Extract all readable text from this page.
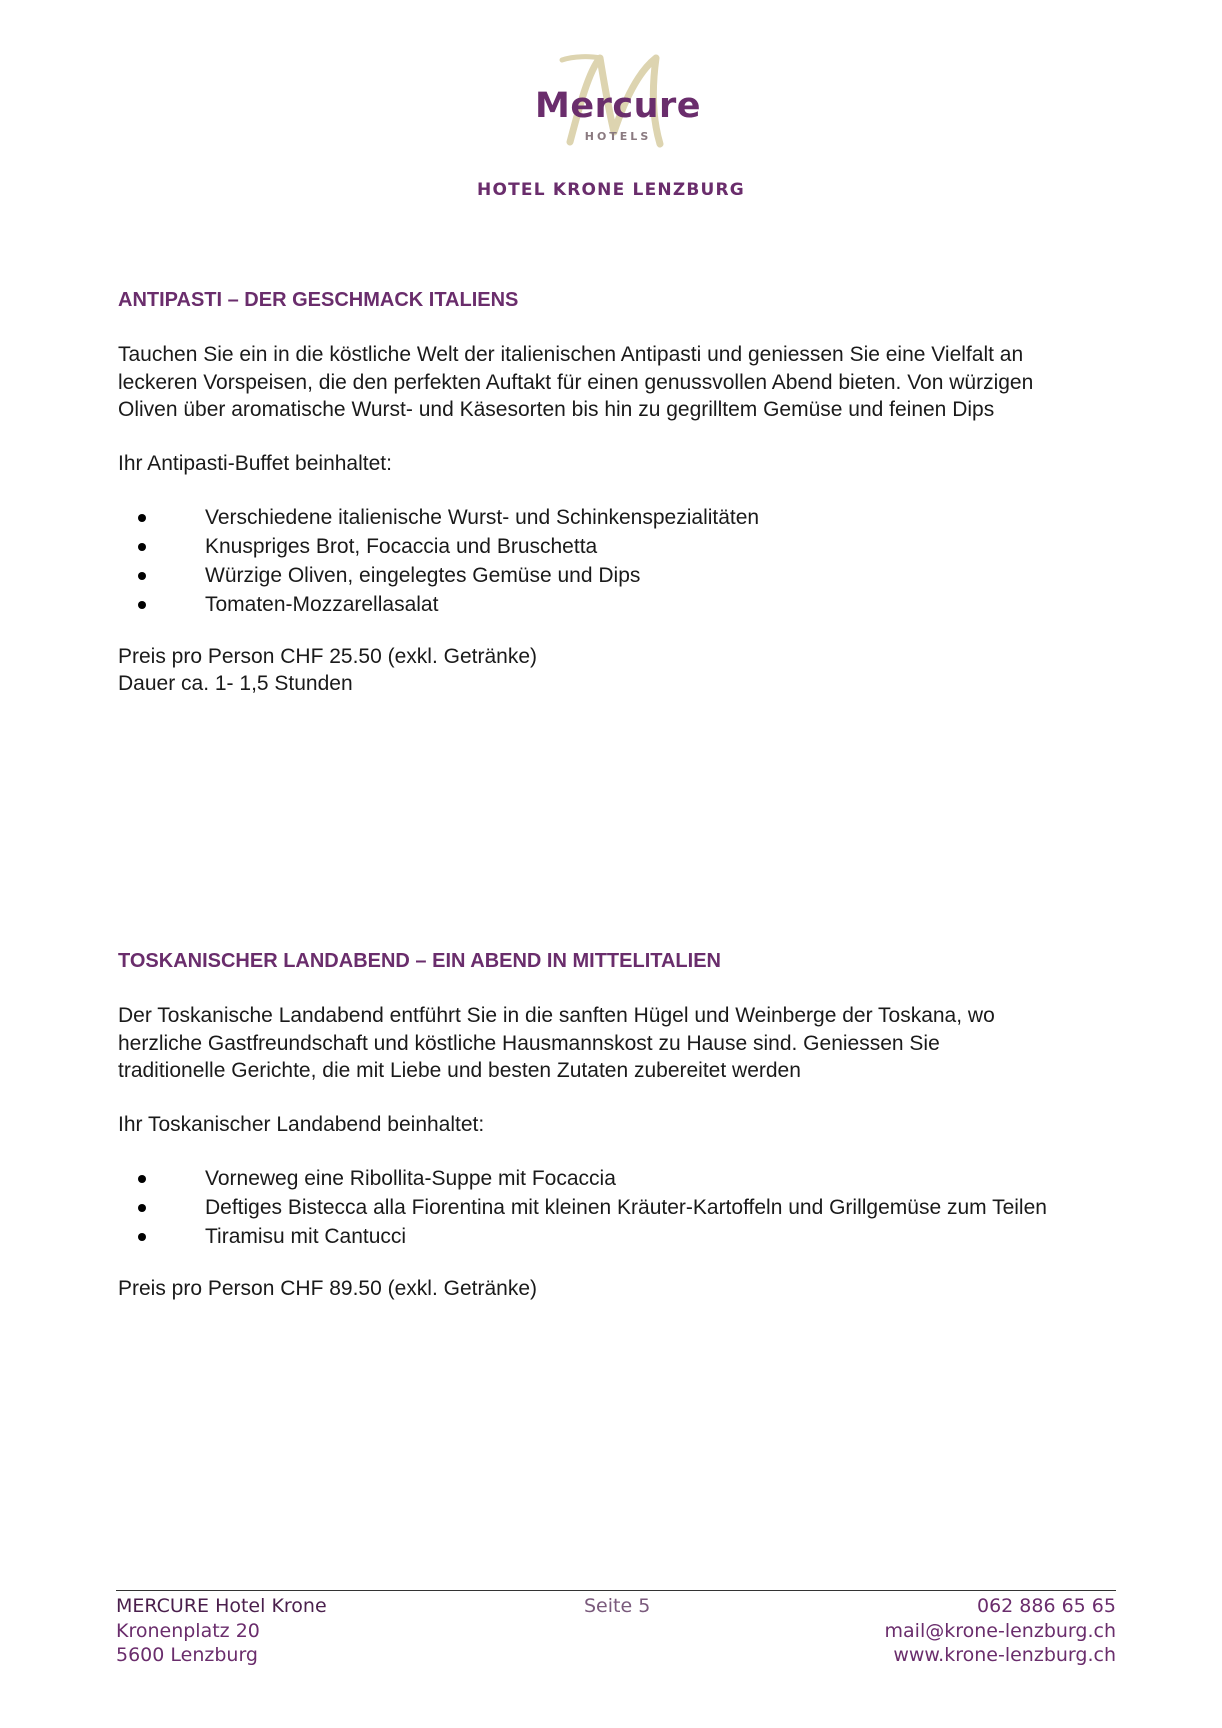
Mercure
HOTELS
HOTEL KRONE LENZBURG
ANTIPASTI – DER GESCHMACK ITALIENS

Tauchen Sie ein in die köstliche Welt der italienischen Antipasti und geniessen Sie eine Vielfalt an

leckeren Vorspeisen, die den perfekten Auftakt für einen genussvollen Abend bieten. Von würzigen

Oliven über aromatische Wurst- und Käsesorten bis hin zu gegrilltem Gemüse und feinen Dips

Ihr Antipasti-Buffet beinhaltet:

Verschiedene italienische Wurst- und Schinkenspezialitäten
Knuspriges Brot, Focaccia und Bruschetta
Würzige Oliven, eingelegtes Gemüse und Dips
Tomaten-Mozzarellasalat

Preis pro Person CHF 25.50 (exkl. Getränke)

Dauer ca. 1- 1,5 Stunden

TOSKANISCHER LANDABEND – EIN ABEND IN MITTELITALIEN

Der Toskanische Landabend entführt Sie in die sanften Hügel und Weinberge der Toskana, wo

herzliche Gastfreundschaft und köstliche Hausmannskost zu Hause sind. Geniessen Sie

traditionelle Gerichte, die mit Liebe und besten Zutaten zubereitet werden

Ihr Toskanischer Landabend beinhaltet:

Vorneweg eine Ribollita-Suppe mit Focaccia
Deftiges Bistecca alla Fiorentina mit kleinen Kräuter-Kartoffeln und Grillgemüse zum Teilen
Tiramisu mit Cantucci

Preis pro Person CHF 89.50 (exkl. Getränke)

MERCURE Hotel Krone
Kronenplatz 20
5600 Lenzburg
Seite 5	062 886 65 65
mail@krone-lenzburg.ch
www.krone-lenzburg.ch
